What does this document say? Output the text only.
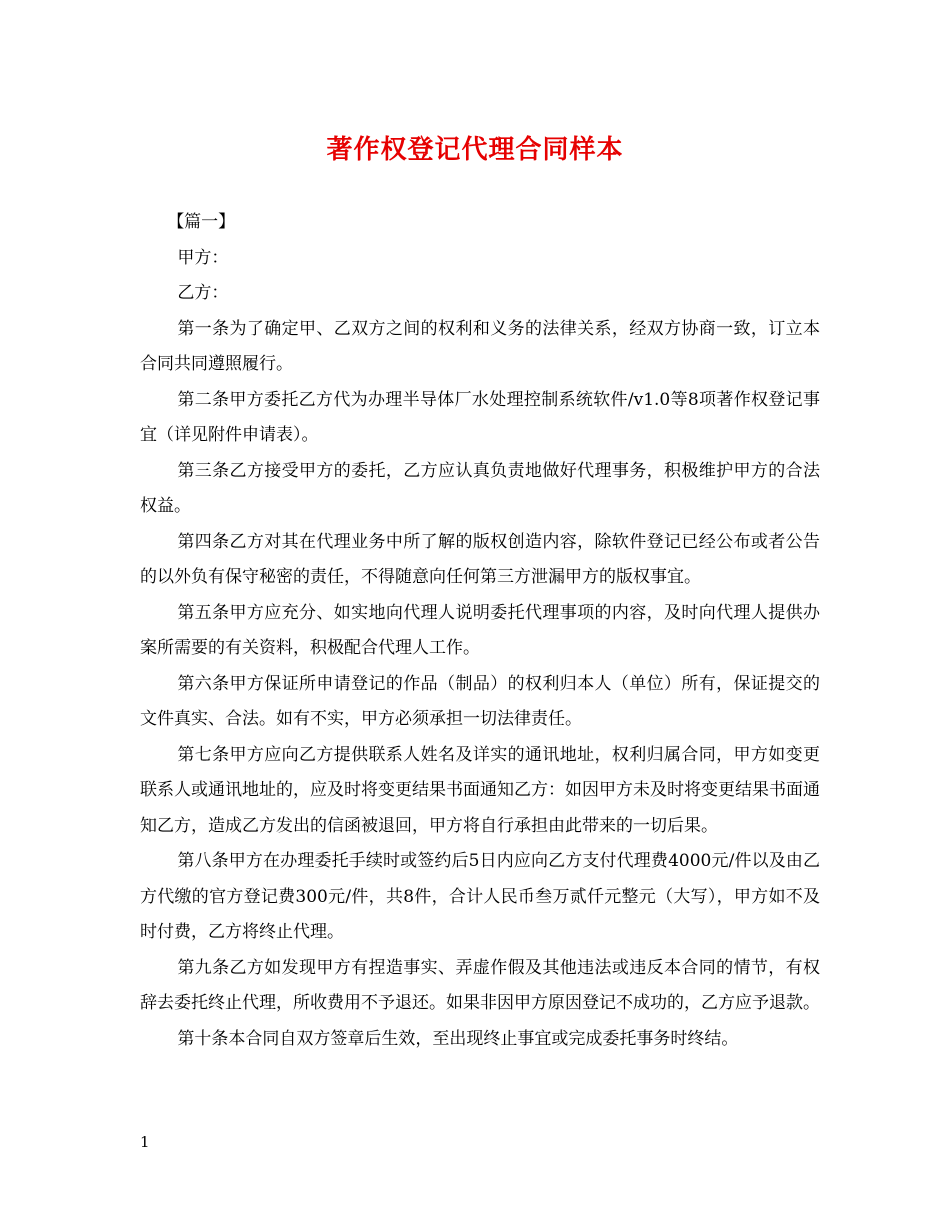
著作权登记代理合同样本

【篇一】

甲方：

乙方：

第一条为了确定甲、乙双方之间的权利和义务的法律关系，经双方协商一致，订立本合同共同遵照履行。

第二条甲方委托乙方代为办理半导体厂水处理控制系统软件/v1.0等8项著作权登记事宜（详见附件申请表）。

第三条乙方接受甲方的委托，乙方应认真负责地做好代理事务，积极维护甲方的合法权益。

第四条乙方对其在代理业务中所了解的版权创造内容，除软件登记已经公布或者公告的以外负有保守秘密的责任，不得随意向任何第三方泄漏甲方的版权事宜。

第五条甲方应充分、如实地向代理人说明委托代理事项的内容，及时向代理人提供办案所需要的有关资料，积极配合代理人工作。

第六条甲方保证所申请登记的作品（制品）的权利归本人（单位）所有，保证提交的文件真实、合法。如有不实，甲方必须承担一切法律责任。

第七条甲方应向乙方提供联系人姓名及详实的通讯地址，权利归属合同，甲方如变更联系人或通讯地址的，应及时将变更结果书面通知乙方：如因甲方未及时将变更结果书面通知乙方，造成乙方发出的信函被退回，甲方将自行承担由此带来的一切后果。

第八条甲方在办理委托手续时或签约后5日内应向乙方支付代理费4000元/件以及由乙方代缴的官方登记费300元/件，共8件，合计人民币叁万贰仟元整元（大写），甲方如不及时付费，乙方将终止代理。

第九条乙方如发现甲方有捏造事实、弄虚作假及其他违法或违反本合同的情节，有权辞去委托终止代理，所收费用不予退还。如果非因甲方原因登记不成功的，乙方应予退款。

第十条本合同自双方签章后生效，至出现终止事宜或完成委托事务时终结。

1
